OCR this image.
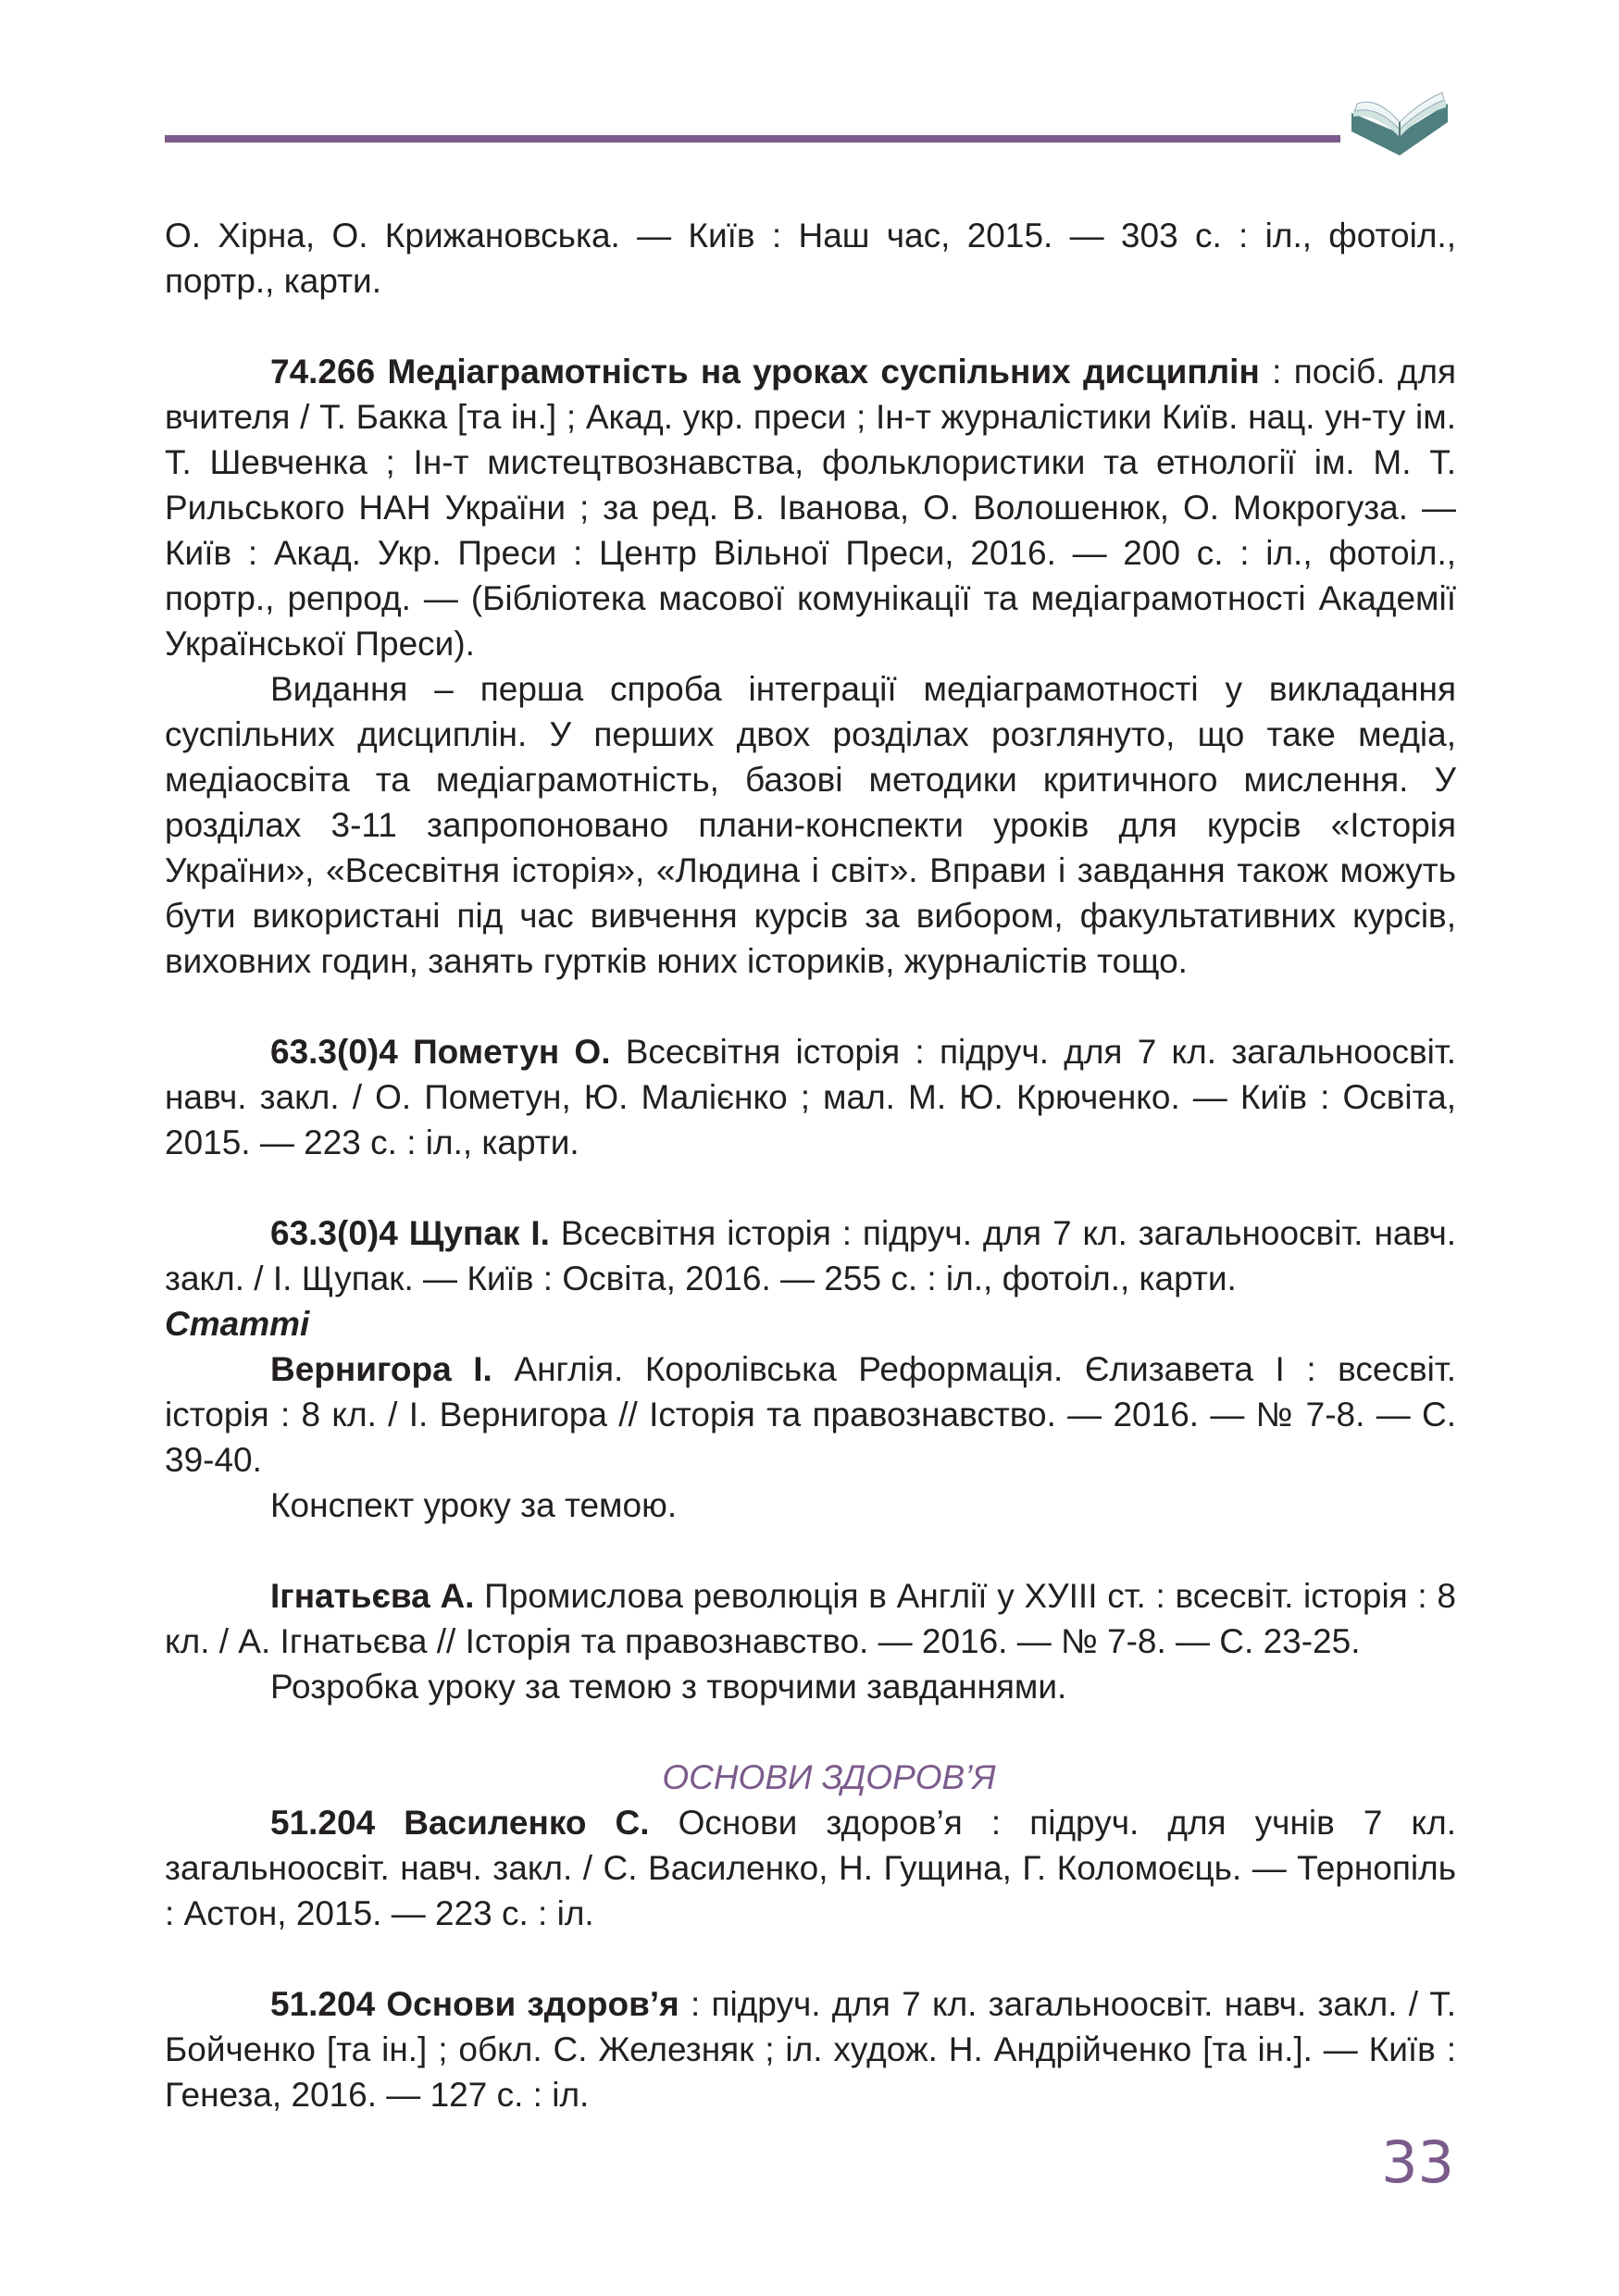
О. Хірна, О. Крижановська. — Київ : Наш час, 2015. — 303 с. : іл., фотоіл., портр., карти.

74.266 Медіаграмотність на уроках суспільних дисциплін : посіб. для вчителя / Т. Бакка [та ін.] ; Акад. укр. преси ; Ін-т журналістики Київ. нац. ун-ту ім. Т. Шевченка ; Ін-т мистецтвознавства, фольклористики та етнології ім. М. Т. Рильського НАН України ; за ред. В. Іванова, О. Волошенюк, О. Мокрогуза. — Київ : Акад. Укр. Преси : Центр Вільної Преси, 2016. — 200 с. : іл., фотоіл., портр., репрод. — (Бібліотека масової комунікації та медіаграмотності Академії Української Преси).

Видання – перша спроба інтеграції медіаграмотності у викладання суспільних дисциплін. У перших двох розділах розглянуто, що таке медіа, медіаосвіта та медіаграмотність, базові методики критичного мислення. У розділах 3-11 запропоновано плани-конспекти уроків для курсів «Історія України», «Всесвітня історія», «Людина і світ». Вправи і завдання також можуть бути використані під час вивчення курсів за вибором, факультативних курсів, виховних годин, занять гуртків юних істориків, журналістів тощо.

63.3(0)4 Пометун О. Всесвітня історія : підруч. для 7 кл. загальноосвіт. навч. закл. / О. Пометун, Ю. Малієнко ; мал. М. Ю. Крюченко. — Київ : Освіта, 2015. — 223 с. : іл., карти.

63.3(0)4 Щупак І. Всесвітня історія : підруч. для 7 кл. загальноосвіт. навч. закл. / І. Щупак. — Київ : Освіта, 2016. — 255 с. : іл., фотоіл., карти.

Статті

Вернигора І. Англія. Королівська Реформація. Єлизавета І : всесвіт. історія : 8 кл. / І. Вернигора // Історія та правознавство. — 2016. — № 7-8. — С. 39-40.

Конспект уроку за темою.

Ігнатьєва А. Промислова революція в Англії у ХУІІІ ст. : всесвіт. історія : 8 кл. / А. Ігнатьєва // Історія та правознавство. — 2016. — № 7-8. — С. 23-25.

Розробка уроку за темою з творчими завданнями.

ОСНОВИ ЗДОРОВ’Я

51.204 Василенко С. Основи здоров’я : підруч. для учнів 7 кл. загальноосвіт. навч. закл. / С. Василенко, Н. Гущина, Г. Коломоєць. — Тернопіль : Астон, 2015. — 223 с. : іл.

51.204 Основи здоров’я : підруч. для 7 кл. загальноосвіт. навч. закл. / Т. Бойченко [та ін.] ; обкл. С. Железняк ; іл. худож. Н. Андрійченко [та ін.]. — Київ : Генеза, 2016. — 127 с. : іл.

33
